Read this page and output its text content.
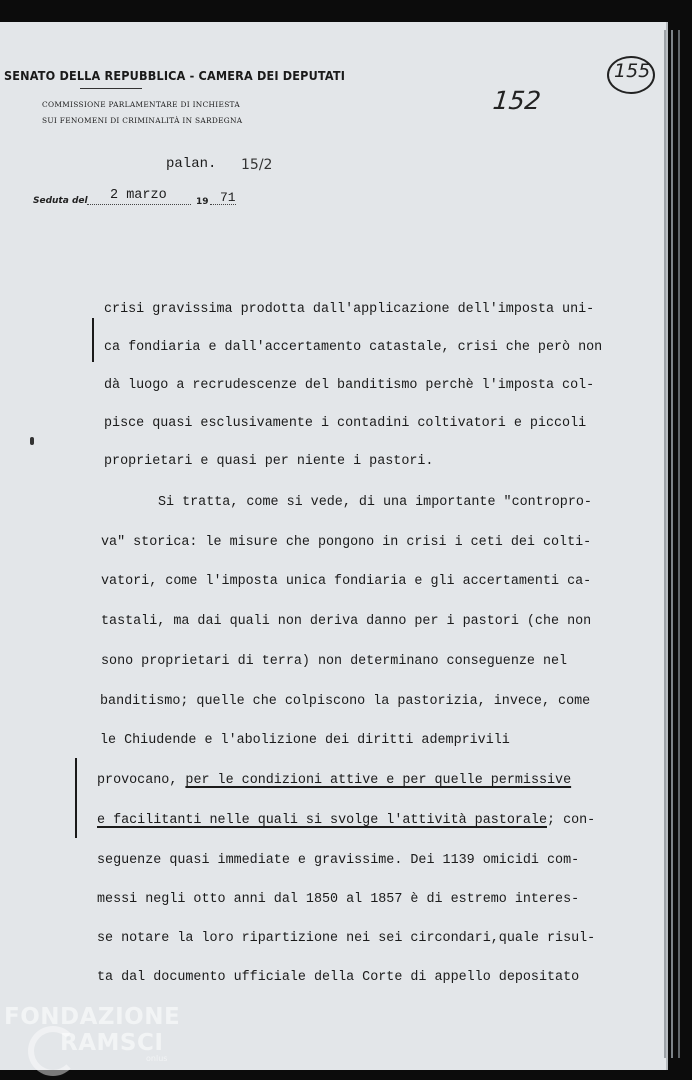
SENATO DELLA REPUBBLICA - CAMERA DEI DEPUTATI
COMMISSIONE PARLAMENTARE DI INCHIESTA
SUI FENOMENI DI CRIMINALITÀ IN SARDEGNA
152
155
palan. 15/2
Seduta del 2 marzo	19 71
crisi gravissima prodotta dall'applicazione dell'imposta uni-
ca fondiaria e dall'accertamento catastale, crisi che però non
dà luogo a recrudescenze del banditismo perchè l'imposta col-
pisce quasi esclusivamente i contadini coltivatori e piccoli
proprietari e quasi per niente i pastori.
Si tratta, come si vede, di una importante "contropro-
va" storica: le misure che pongono in crisi i ceti dei colti-
vatori, come l'imposta unica fondiaria e gli accertamenti ca-
tastali, ma dai quali non deriva danno per i pastori (che non
sono proprietari di terra) non determinano conseguenze nel
banditismo; quelle che colpiscono la pastorizia, invece, come
le Chiudende e l'abolizione dei diritti ademprivili
provocano, per le condizioni attive e per quelle permissive
e facilitanti nelle quali si svolge l'attività pastorale; con-
seguenze quasi immediate e gravissime. Dei 1139 omicidi com-
messi negli otto anni dal 1850 al 1857 è di estremo interes-
se notare la loro ripartizione nei sei circondari,quale risul-
ta dal documento ufficiale della Corte di appello depositato
FONDAZIONE
RAMSCI
onlus
